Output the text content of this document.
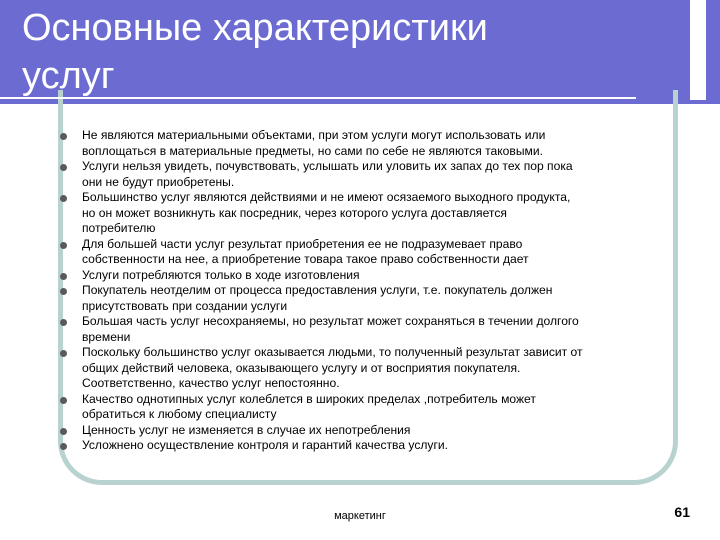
Основные характеристики
услуг
Не являются материальными объектами, при этом услуги могут использовать или
воплощаться в материальные предметы, но сами по себе не являются таковыми.
Услуги нельзя увидеть, почувствовать, услышать или уловить их запах до тех пор пока
они не будут приобретены.
Большинство услуг являются действиями и не имеют осязаемого выходного продукта,
но он может возникнуть как посредник, через которого услуга доставляется
потребителю
Для большей части услуг результат приобретения ее не подразумевает право
собственности на нее, а приобретение товара такое право собственности дает
Услуги потребляются только в ходе изготовления
Покупатель неотделим от процесса предоставления услуги, т.е. покупатель должен
присутствовать при создании услуги
Большая часть услуг несохраняемы, но результат может сохраняться в течении долгого
времени
Поскольку большинство услуг оказывается людьми, то полученный результат зависит от
общих действий человека, оказывающего услугу и от восприятия покупателя.
Соответственно, качество услуг непостоянно.
Качество однотипных услуг колеблется в широких пределах ,потребитель может
обратиться к любому специалисту
Ценность услуг не изменяется в случае их непотребления
Усложнено осуществление контроля и гарантий качества услуги.
маркетинг	61
